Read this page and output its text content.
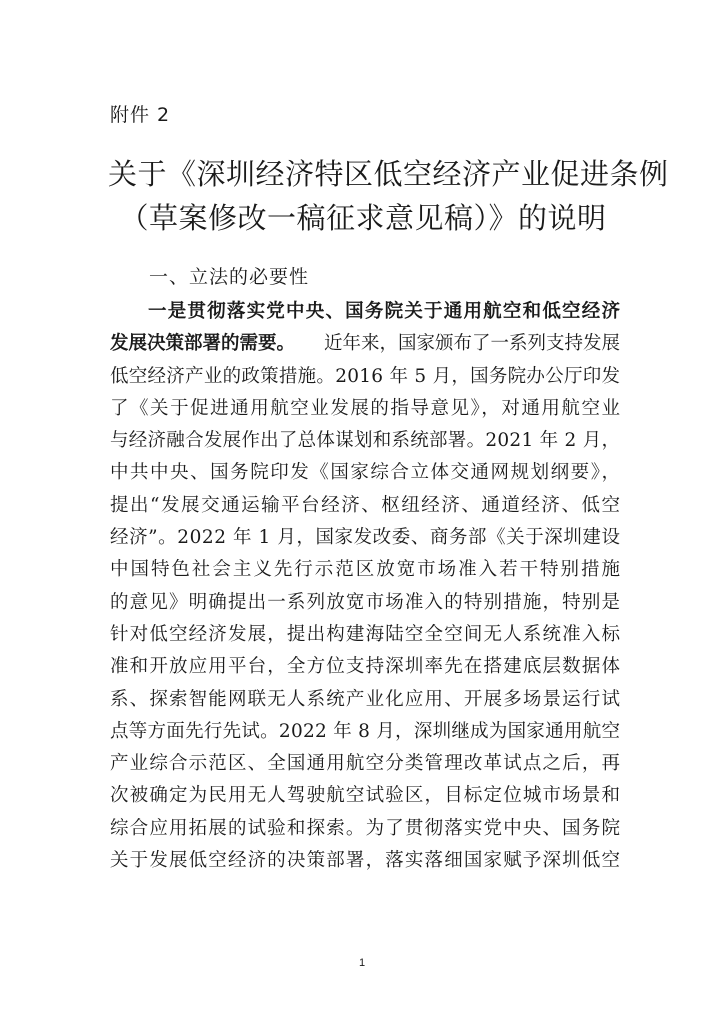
附件 2
关于《深圳经济特区低空经济产业促进条例
（草案修改一稿征求意见稿）》的说明
一、立法的必要性
一是贯彻落实党中央、国务院关于通用航空和低空经济
发展决策部署的需要。 近年来，国家颁布了一系列支持发展
低空经济产业的政策措施。2016 年 5 月，国务院办公厅印发
了《关于促进通用航空业发展的指导意见》，对通用航空业
与经济融合发展作出了总体谋划和系统部署。2021 年 2 月，
中共中央、国务院印发《国家综合立体交通网规划纲要》，
提出“发展交通运输平台经济、枢纽经济、通道经济、低空
经济”。2022 年 1 月，国家发改委、商务部《关于深圳建设
中国特色社会主义先行示范区放宽市场准入若干特别措施
的意见》明确提出一系列放宽市场准入的特别措施，特别是
针对低空经济发展，提出构建海陆空全空间无人系统准入标
准和开放应用平台，全方位支持深圳率先在搭建底层数据体
系、探索智能网联无人系统产业化应用、开展多场景运行试
点等方面先行先试。2022 年 8 月，深圳继成为国家通用航空
产业综合示范区、全国通用航空分类管理改革试点之后，再
次被确定为民用无人驾驶航空试验区，目标定位城市场景和
综合应用拓展的试验和探索。为了贯彻落实党中央、国务院
关于发展低空经济的决策部署，落实落细国家赋予深圳低空
1
